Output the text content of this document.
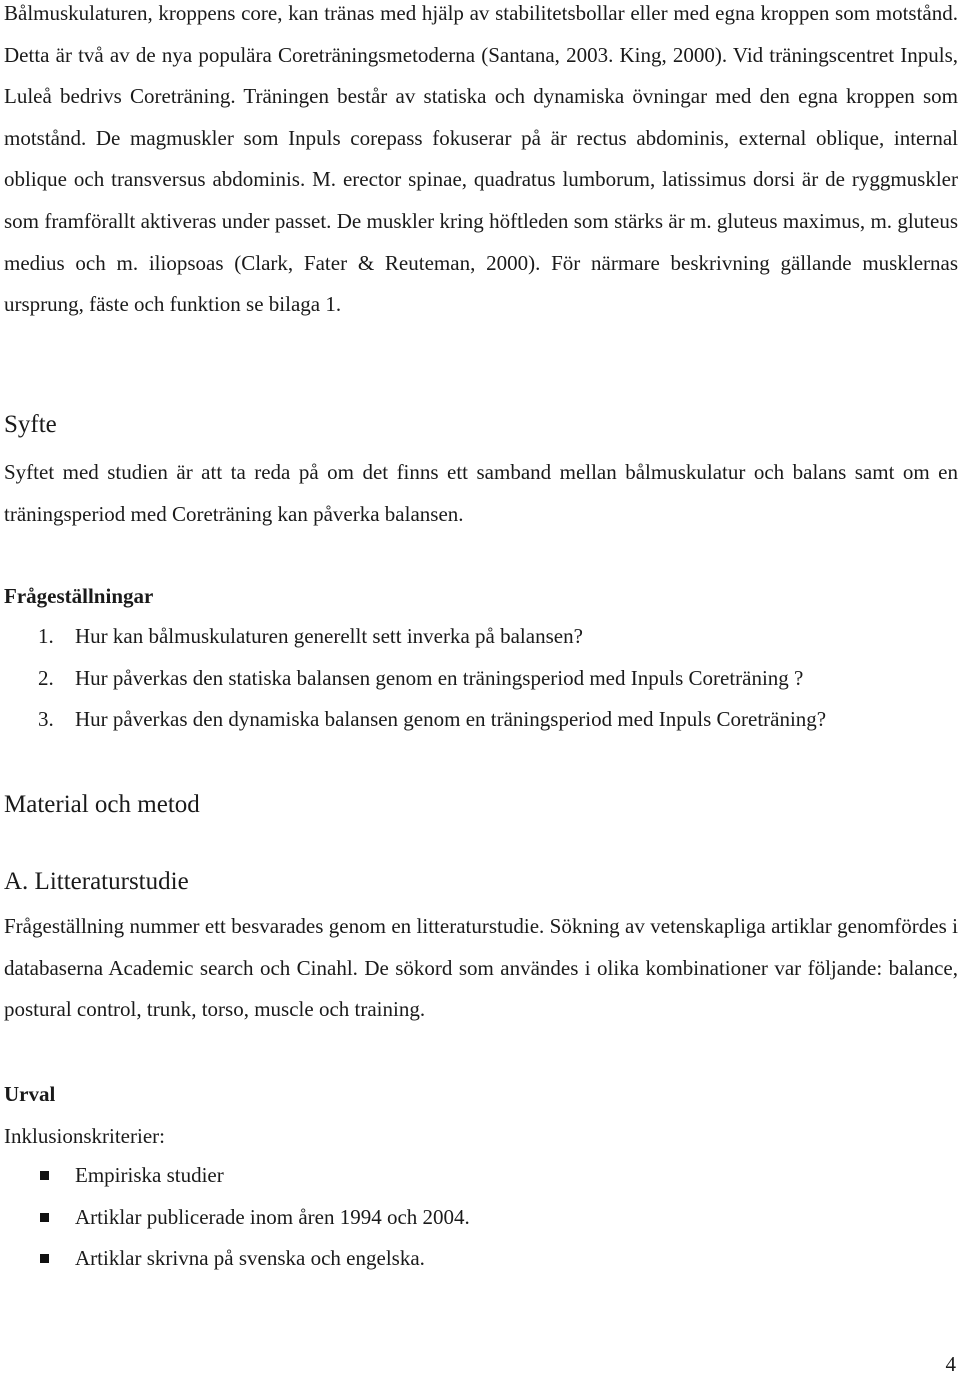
Bålmuskulaturen, kroppens core, kan tränas med hjälp av stabilitetsbollar eller med egna kroppen som motstånd. Detta är två av de nya populära Coreträningsmetoderna (Santana, 2003. King, 2000). Vid träningscentret Inpuls, Luleå bedrivs Coreträning. Träningen består av statiska och dynamiska övningar med den egna kroppen som motstånd. De magmuskler som Inpuls corepass fokuserar på är rectus abdominis, external oblique, internal oblique och transversus abdominis. M. erector spinae, quadratus lumborum, latissimus dorsi är de ryggmuskler som framförallt aktiveras under passet. De muskler kring höftleden som stärks är m. gluteus maximus, m. gluteus medius och m. iliopsoas (Clark, Fater & Reuteman, 2000). För närmare beskrivning gällande musklernas ursprung, fäste och funktion se bilaga 1.

Syfte

Syftet med studien är att ta reda på om det finns ett samband mellan bålmuskulatur och balans samt om en träningsperiod med Coreträning kan påverka balansen.

Frågeställningar
1.	Hur kan bålmuskulaturen generellt sett inverka på balansen?
2.	Hur påverkas den statiska balansen genom en träningsperiod med Inpuls Coreträning ?
3.	Hur påverkas den dynamiska balansen genom en träningsperiod med Inpuls Coreträning?
Material och metod
A. Litteraturstudie

Frågeställning nummer ett besvarades genom en litteraturstudie. Sökning av vetenskapliga artiklar genomfördes i databaserna Academic search och Cinahl. De sökord som användes i olika kombinationer var följande: balance, postural control, trunk, torso, muscle och training.

Urval

Inklusionskriterier:

Empiriska studier
Artiklar publicerade inom åren 1994 och 2004.
Artiklar skrivna på svenska och engelska.
4
